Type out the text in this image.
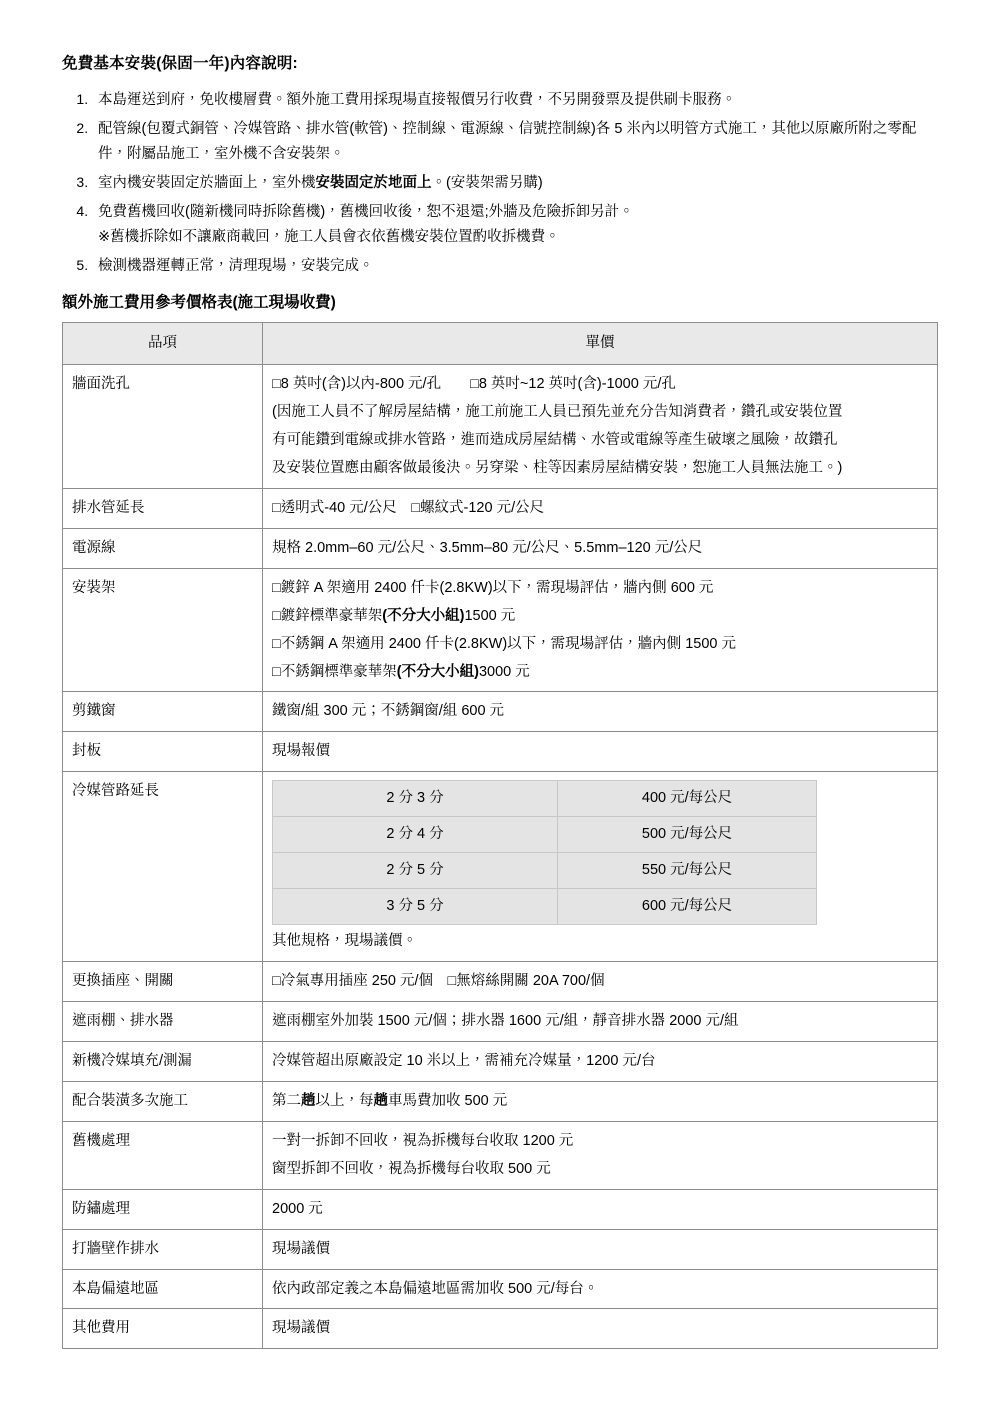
免費基本安裝(保固一年)內容說明:
1. 本島運送到府，免收樓層費。額外施工費用採現場直接報價另行收費，不另開發票及提供刷卡服務。
2. 配管線(包覆式銅管、冷媒管路、排水管(軟管)、控制線、電源線、信號控制線)各 5 米內以明管方式施工，其他以原廠所附之零配件，附屬品施工，室外機不含安裝架。
3. 室內機安裝固定於牆面上，室外機安裝固定於地面上。(安裝架需另購)
4. 免費舊機回收(隨新機同時拆除舊機)，舊機回收後，恕不退還;外牆及危險拆卸另計。
※舊機拆除如不讓廠商載回，施工人員會衣依舊機安裝位置酌收拆機費。
5. 檢測機器運轉正常，清理現場，安裝完成。
額外施工費用參考價格表(施工現場收費)
品項	單價
牆面洗孔	□8 英吋(含)以內-800 元/孔　　□8 英吋~12 英吋(含)-1000 元/孔

(因施工人員不了解房屋結構，施工前施工人員已預先並充分告知消費者，鑽孔或安裝位置

有可能鑽到電線或排水管路，進而造成房屋結構、水管或電線等產生破壞之風險，故鑽孔

及安裝位置應由顧客做最後決。另穿梁、柱等因素房屋結構安裝，恕施工人員無法施工。)

排水管延長	□透明式-40 元/公尺　□螺紋式-120 元/公尺

電源線	規格 2.0mm–60 元/公尺、3.5mm–80 元/公尺、5.5mm–120 元/公尺

安裝架	□鍍鋅 A 架適用 2400 仟卡(2.8KW)以下，需現場評估，牆內側 600 元

□鍍鋅標準豪華架(不分大小組)1500 元

□不銹鋼 A 架適用 2400 仟卡(2.8KW)以下，需現場評估，牆內側 1500 元

□不銹鋼標準豪華架(不分大小組)3000 元

剪鐵窗	鐵窗/組 300 元；不銹鋼窗/組 600 元

封板	現場報價

冷媒管路延長		2 分 3 分	400 元/每公尺
2 分 4 分	500 元/每公尺
2 分 5 分	550 元/每公尺
3 分 5 分	600 元/每公尺

其他規格，現場議價。

更換插座、開關	□冷氣專用插座 250 元/個　□無熔絲開關 20A 700/個

遮雨棚、排水器	遮雨棚室外加裝 1500 元/個；排水器 1600 元/組，靜音排水器 2000 元/組

新機冷媒填充/測漏	冷媒管超出原廠設定 10 米以上，需補充冷媒量，1200 元/台

配合裝潢多次施工	第二趟以上，每趟車馬費加收 500 元

舊機處理	一對一拆卸不回收，視為拆機每台收取 1200 元

窗型拆卸不回收，視為拆機每台收取 500 元

防鏽處理	2000 元

打牆壁作排水	現場議價

本島偏遠地區	依內政部定義之本島偏遠地區需加收 500 元/每台。

其他費用	現場議價
